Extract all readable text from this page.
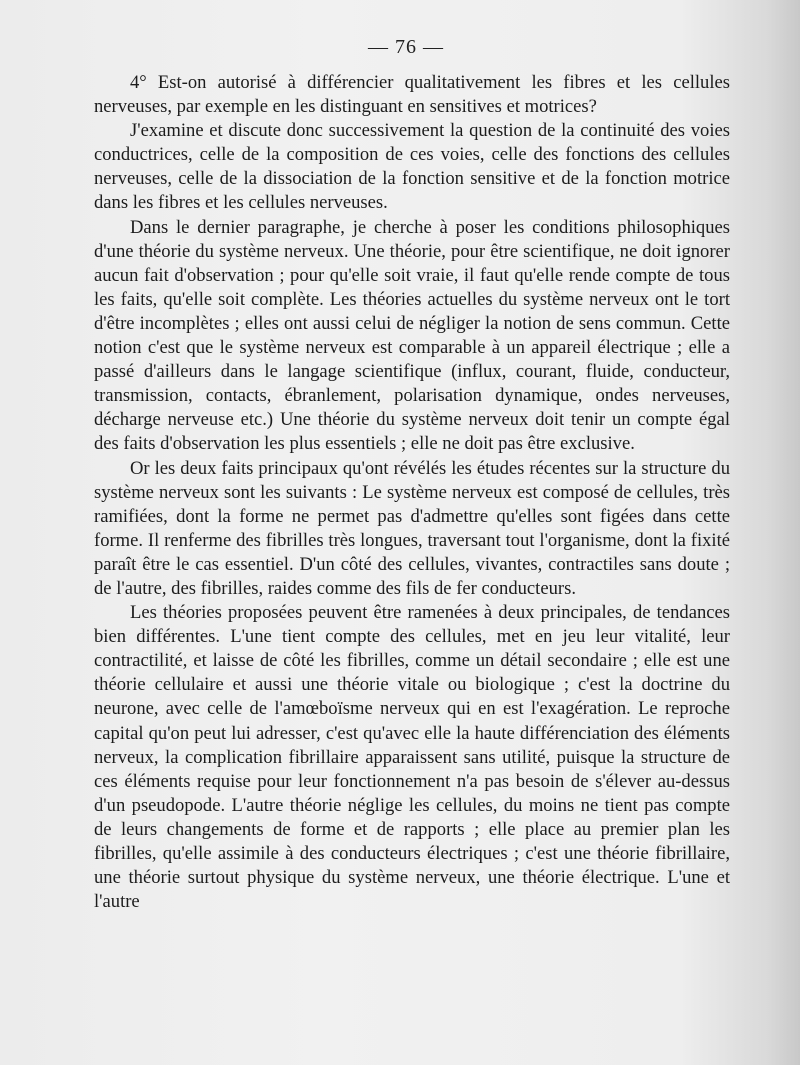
— 76 —

4° Est-on autorisé à différencier qualitativement les fibres et les cellules nerveuses, par exemple en les distinguant en sensitives et motrices?

J'examine et discute donc successivement la question de la continuité des voies conductrices, celle de la composition de ces voies, celle des fonctions des cellules nerveuses, celle de la dissociation de la fonction sensitive et de la fonction motrice dans les fibres et les cellules nerveuses.

Dans le dernier paragraphe, je cherche à poser les conditions philosophiques d'une théorie du système nerveux. Une théorie, pour être scientifique, ne doit ignorer aucun fait d'observation ; pour qu'elle soit vraie, il faut qu'elle rende compte de tous les faits, qu'elle soit complète. Les théories actuelles du système nerveux ont le tort d'être incomplètes ; elles ont aussi celui de négliger la notion de sens commun. Cette notion c'est que le système nerveux est comparable à un appareil électrique ; elle a passé d'ailleurs dans le langage scientifique (influx, courant, fluide, conducteur, transmission, contacts, ébranlement, polarisation dynamique, ondes nerveuses, décharge nerveuse etc.) Une théorie du système nerveux doit tenir un compte égal des faits d'observation les plus essentiels ; elle ne doit pas être exclusive.

Or les deux faits principaux qu'ont révélés les études récentes sur la structure du système nerveux sont les suivants : Le système nerveux est composé de cellules, très ramifiées, dont la forme ne permet pas d'admettre qu'elles sont figées dans cette forme. Il renferme des fibrilles très longues, traversant tout l'organisme, dont la fixité paraît être le cas essentiel. D'un côté des cellules, vivantes, contractiles sans doute ; de l'autre, des fibrilles, raides comme des fils de fer conducteurs.

Les théories proposées peuvent être ramenées à deux principales, de tendances bien différentes. L'une tient compte des cellules, met en jeu leur vitalité, leur contractilité, et laisse de côté les fibrilles, comme un détail secondaire ; elle est une théorie cellulaire et aussi une théorie vitale ou biologique ; c'est la doctrine du neurone, avec celle de l'amœboïsme nerveux qui en est l'exagération. Le reproche capital qu'on peut lui adresser, c'est qu'avec elle la haute différenciation des éléments nerveux, la complication fibrillaire apparaissent sans utilité, puisque la structure de ces éléments requise pour leur fonctionnement n'a pas besoin de s'élever au-dessus d'un pseudopode. L'autre théorie néglige les cellules, du moins ne tient pas compte de leurs changements de forme et de rapports ; elle place au premier plan les fibrilles, qu'elle assimile à des conducteurs électriques ; c'est une théorie fibrillaire, une théorie surtout physique du système nerveux, une théorie électrique. L'une et l'autre
